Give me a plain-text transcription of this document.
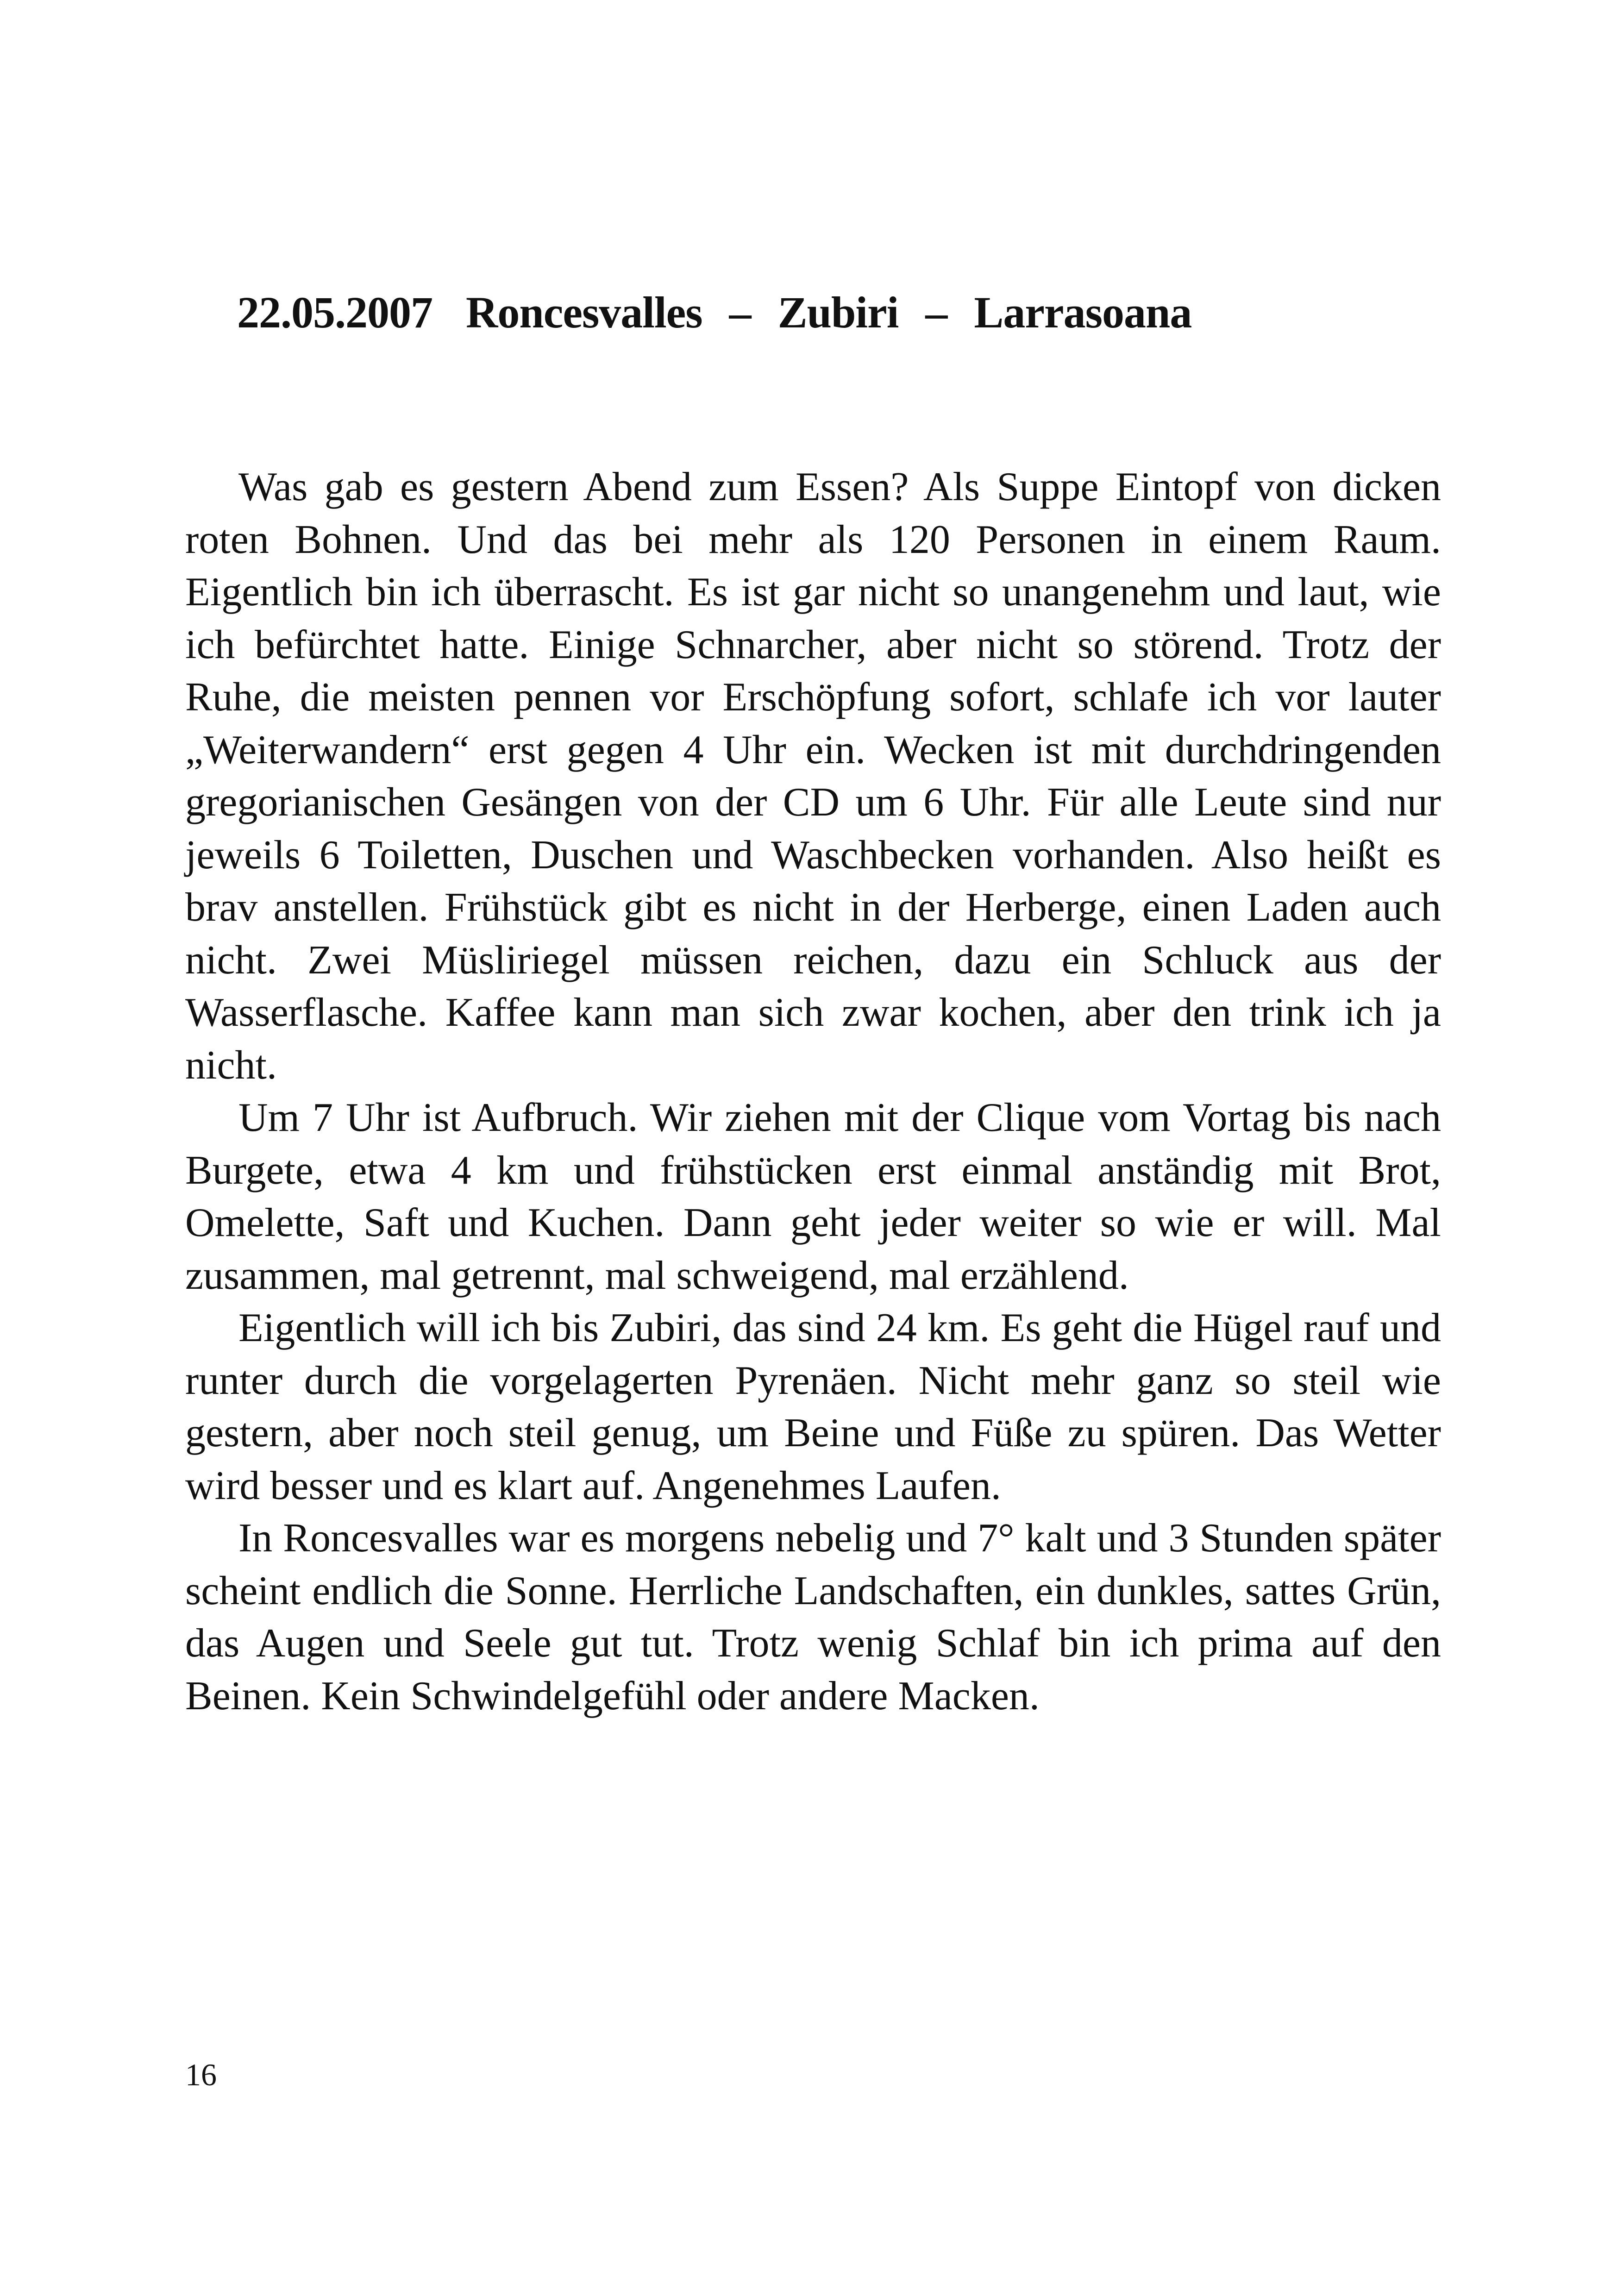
22.05.2007 Roncesvalles – Zubiri – Larrasoana

Was gab es gestern Abend zum Essen? Als Suppe Eintopf von dicken roten Bohnen. Und das bei mehr als 120 Personen in einem Raum. Eigentlich bin ich überrascht. Es ist gar nicht so unangenehm und laut, wie ich befürchtet hatte. Einige Schnarcher, aber nicht so störend. Trotz der Ruhe, die meisten pennen vor Erschöpfung sofort, schlafe ich vor lauter „Weiterwandern“ erst gegen 4 Uhr ein. Wecken ist mit durchdringenden gregorianischen Gesängen von der CD um 6 Uhr. Für alle Leute sind nur jeweils 6 Toiletten, Duschen und Waschbecken vorhanden. Also heißt es brav anstellen. Frühstück gibt es nicht in der Herberge, einen Laden auch nicht. Zwei Müsliriegel müssen reichen, dazu ein Schluck aus der Wasserflasche. Kaffee kann man sich zwar kochen, aber den trink ich ja nicht.

Um 7 Uhr ist Aufbruch. Wir ziehen mit der Clique vom Vortag bis nach Burgete, etwa 4 km und frühstücken erst einmal anständig mit Brot, Omelette, Saft und Kuchen. Dann geht jeder weiter so wie er will. Mal zusammen, mal getrennt, mal schweigend, mal erzählend.

Eigentlich will ich bis Zubiri, das sind 24 km. Es geht die Hügel rauf und runter durch die vorgelagerten Pyrenäen. Nicht mehr ganz so steil wie gestern, aber noch steil genug, um Beine und Füße zu spüren. Das Wetter wird besser und es klart auf. Angenehmes Laufen.

In Roncesvalles war es morgens nebelig und 7° kalt und 3 Stunden später scheint endlich die Sonne. Herrliche Landschaften, ein dunkles, sattes Grün, das Augen und Seele gut tut. Trotz wenig Schlaf bin ich prima auf den Beinen. Kein Schwindelgefühl oder andere Macken.

16
